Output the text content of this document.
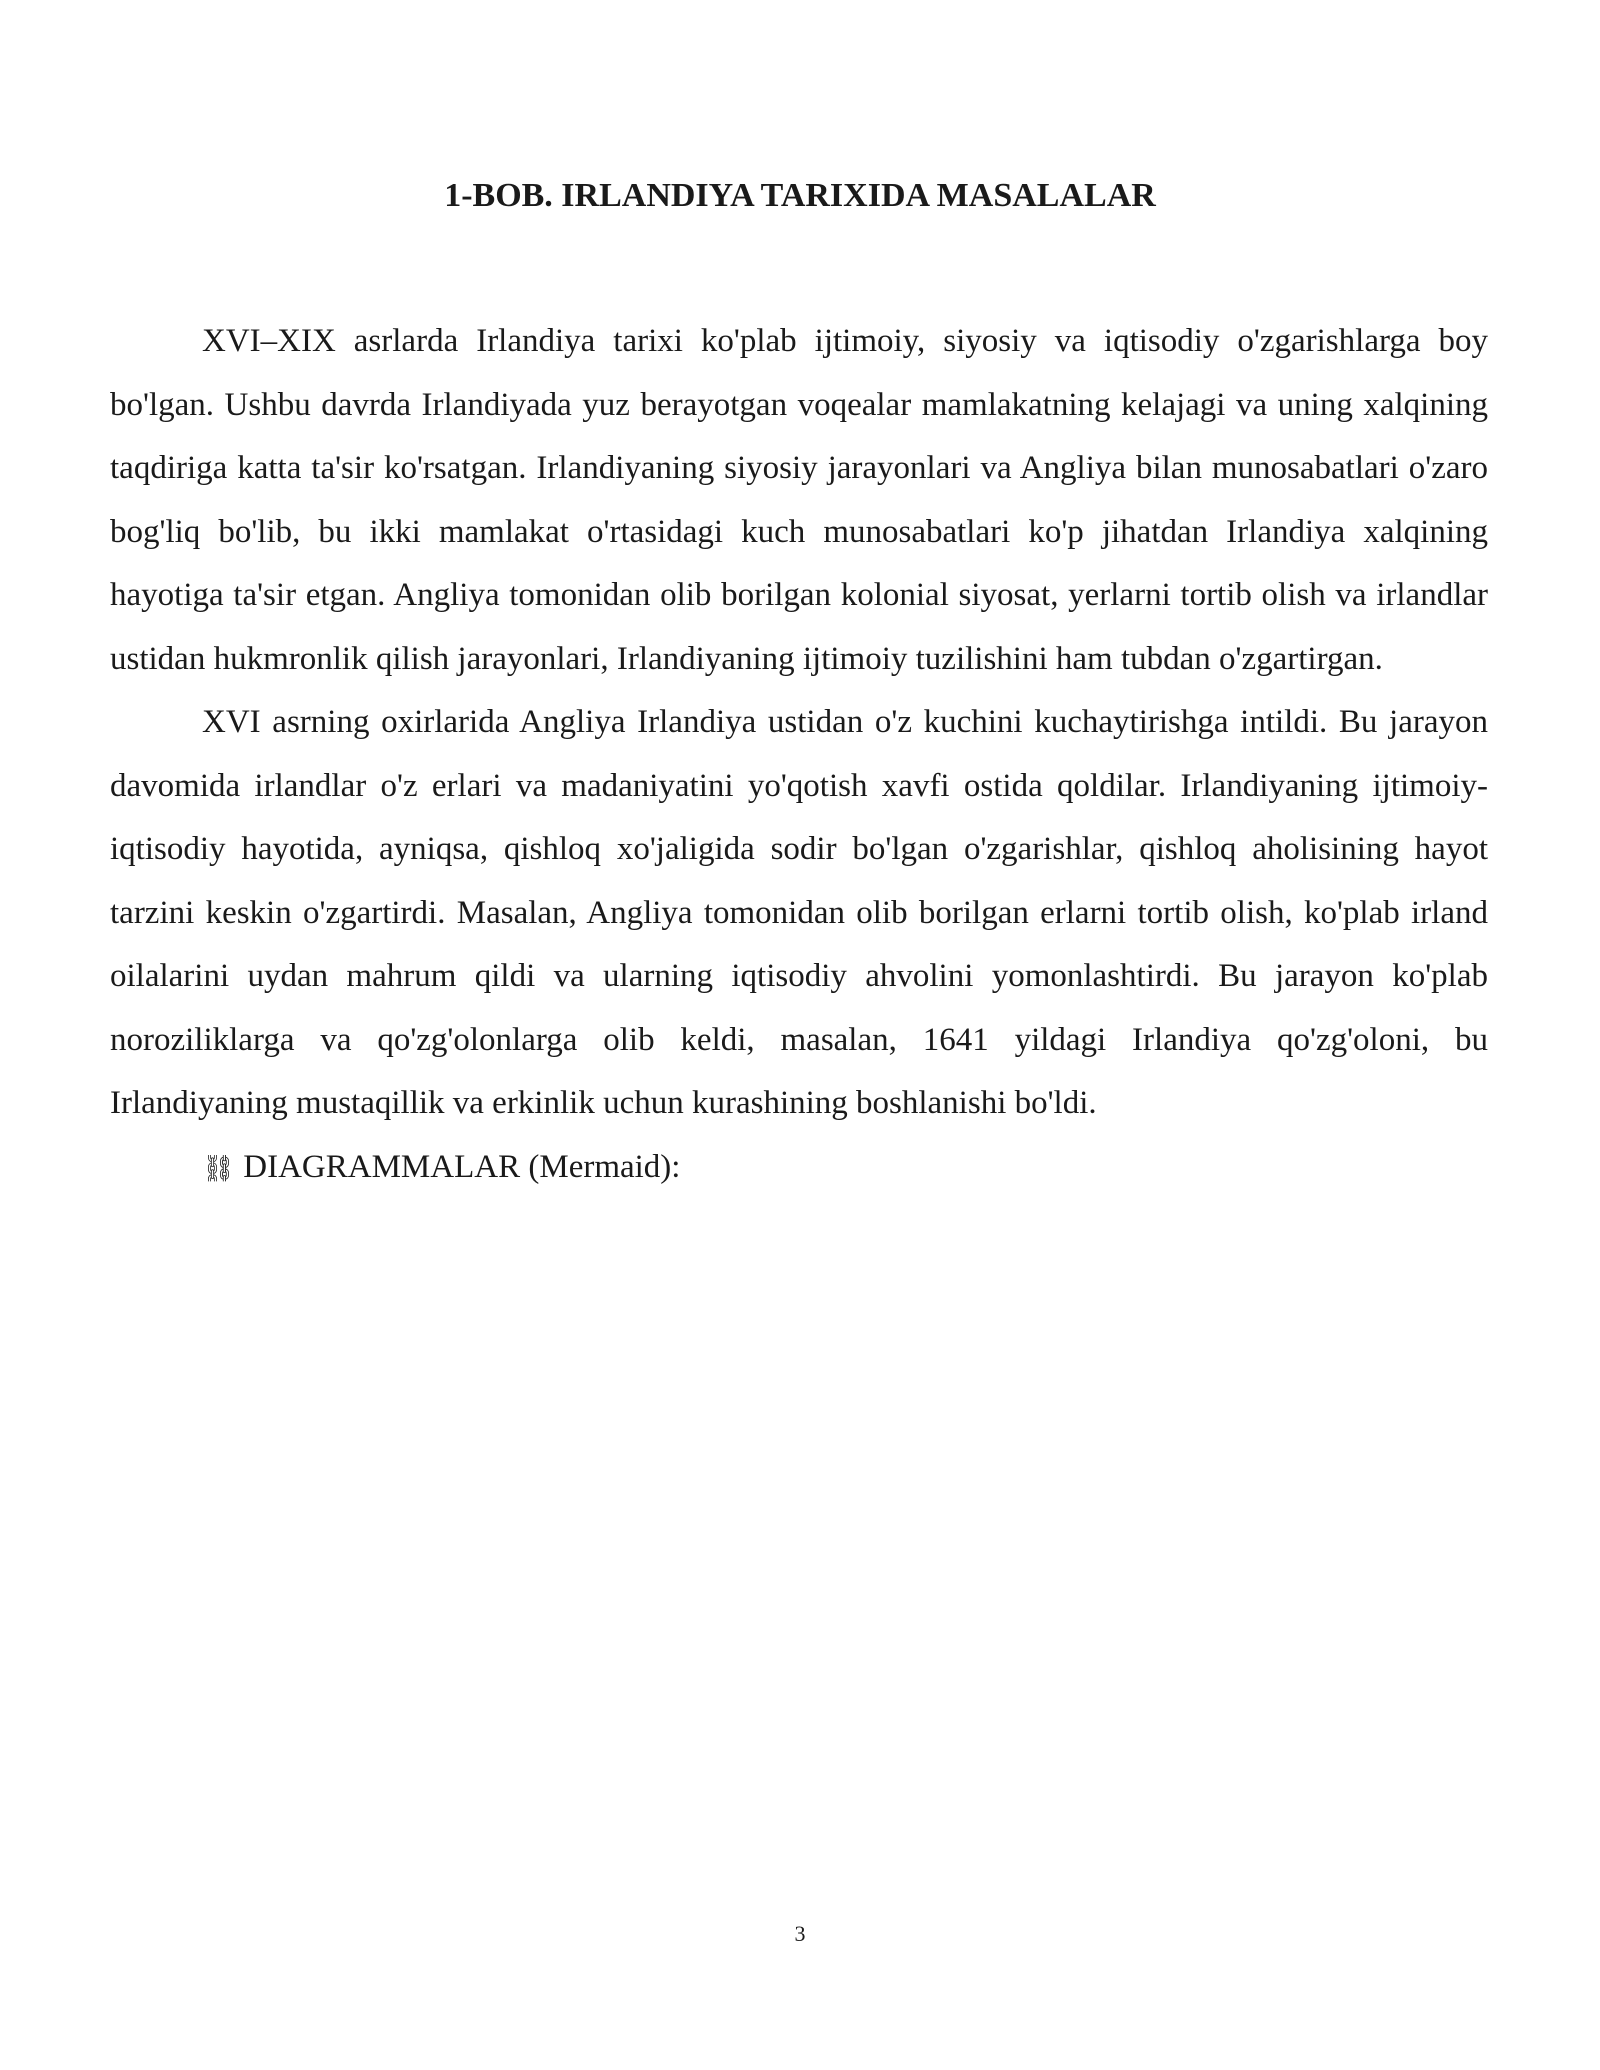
1-BOB. IRLANDIYA TARIXIDA MASALALAR

XVI–XIX asrlarda Irlandiya tarixi ko'plab ijtimoiy, siyosiy va iqtisodiy o'zgarishlarga boy bo'lgan. Ushbu davrda Irlandiyada yuz berayotgan voqealar mamlakatning kelajagi va uning xalqining taqdiriga katta ta'sir ko'rsatgan. Irlandiyaning siyosiy jarayonlari va Angliya bilan munosabatlari o'zaro bog'liq bo'lib, bu ikki mamlakat o'rtasidagi kuch munosabatlari ko'p jihatdan Irlandiya xalqining hayotiga ta'sir etgan. Angliya tomonidan olib borilgan kolonial siyosat, yerlarni tortib olish va irlandlar ustidan hukmronlik qilish jarayonlari, Irlandiyaning ijtimoiy tuzilishini ham tubdan o'zgartirgan.

XVI asrning oxirlarida Angliya Irlandiya ustidan o'z kuchini kuchaytirishga intildi. Bu jarayon davomida irlandlar o'z erlari va madaniyatini yo'qotish xavfi ostida qoldilar. Irlandiyaning ijtimoiy-iqtisodiy hayotida, ayniqsa, qishloq xo'jaligida sodir bo'lgan o'zgarishlar, qishloq aholisining hayot tarzini keskin o'zgartirdi. Masalan, Angliya tomonidan olib borilgan erlarni tortib olish, ko'plab irland oilalarini uydan mahrum qildi va ularning iqtisodiy ahvolini yomonlashtirdi. Bu jarayon ko'plab noroziliklarga va qo'zg'olonlarga olib keldi, masalan, 1641 yildagi Irlandiya qo'zg'oloni, bu Irlandiyaning mustaqillik va erkinlik uchun kurashining boshlanishi bo'ldi.

⛓ DIAGRAMMALAR (Mermaid):

3
